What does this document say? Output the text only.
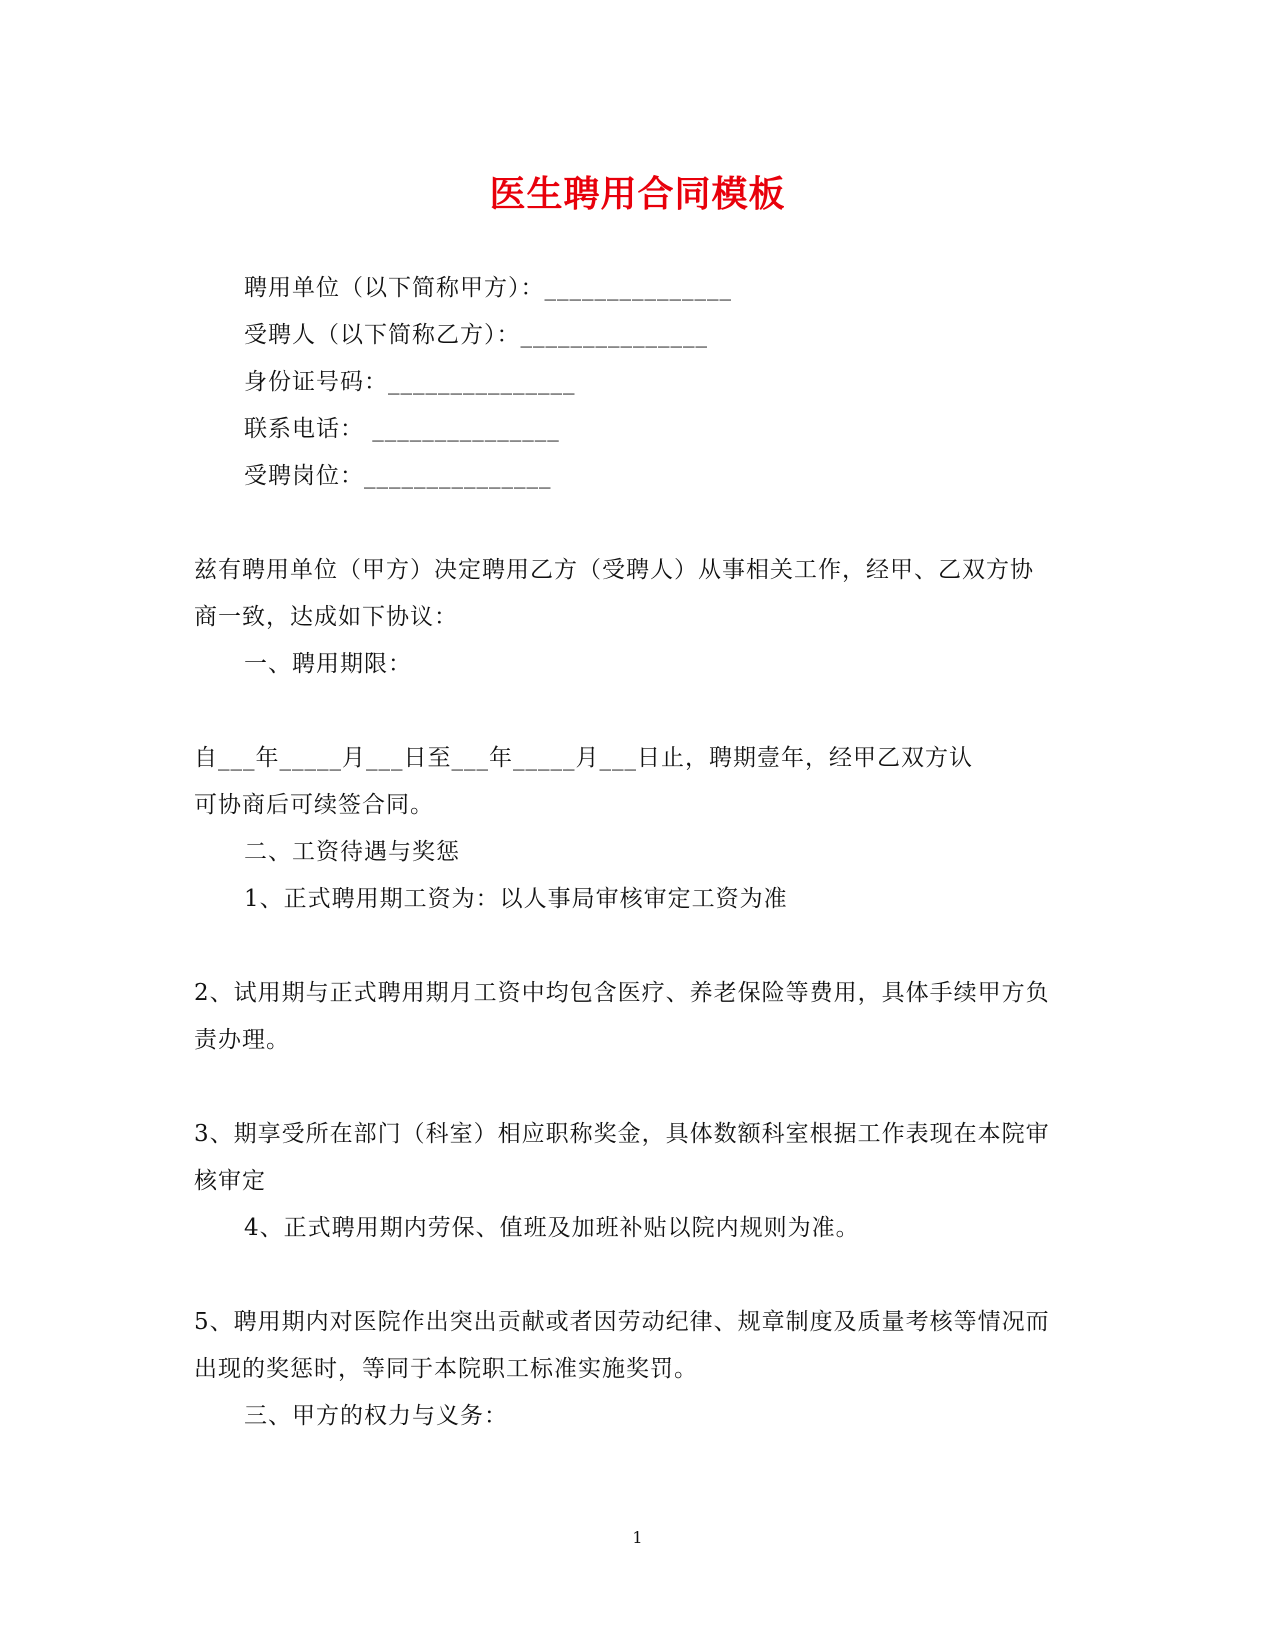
医生聘用合同模板
聘用单位（以下简称甲方）：_______________
受聘人（以下简称乙方）：_______________
身份证号码：_______________
联系电话： _______________
受聘岗位：_______________
兹有聘用单位（甲方）决定聘用乙方（受聘人）从事相关工作，经甲、乙双方协
商一致，达成如下协议：
一、聘用期限：
自___年_____月___日至___年_____月___日止，聘期壹年，经甲乙双方认
可协商后可续签合同。
二、工资待遇与奖惩
1、正式聘用期工资为：以人事局审核审定工资为准
2、试用期与正式聘用期月工资中均包含医疗、养老保险等费用，具体手续甲方负
责办理。
3、期享受所在部门（科室）相应职称奖金，具体数额科室根据工作表现在本院审
核审定
4、正式聘用期内劳保、值班及加班补贴以院内规则为准。
5、聘用期内对医院作出突出贡献或者因劳动纪律、规章制度及质量考核等情况而
出现的奖惩时，等同于本院职工标准实施奖罚。
三、甲方的权力与义务：
1
